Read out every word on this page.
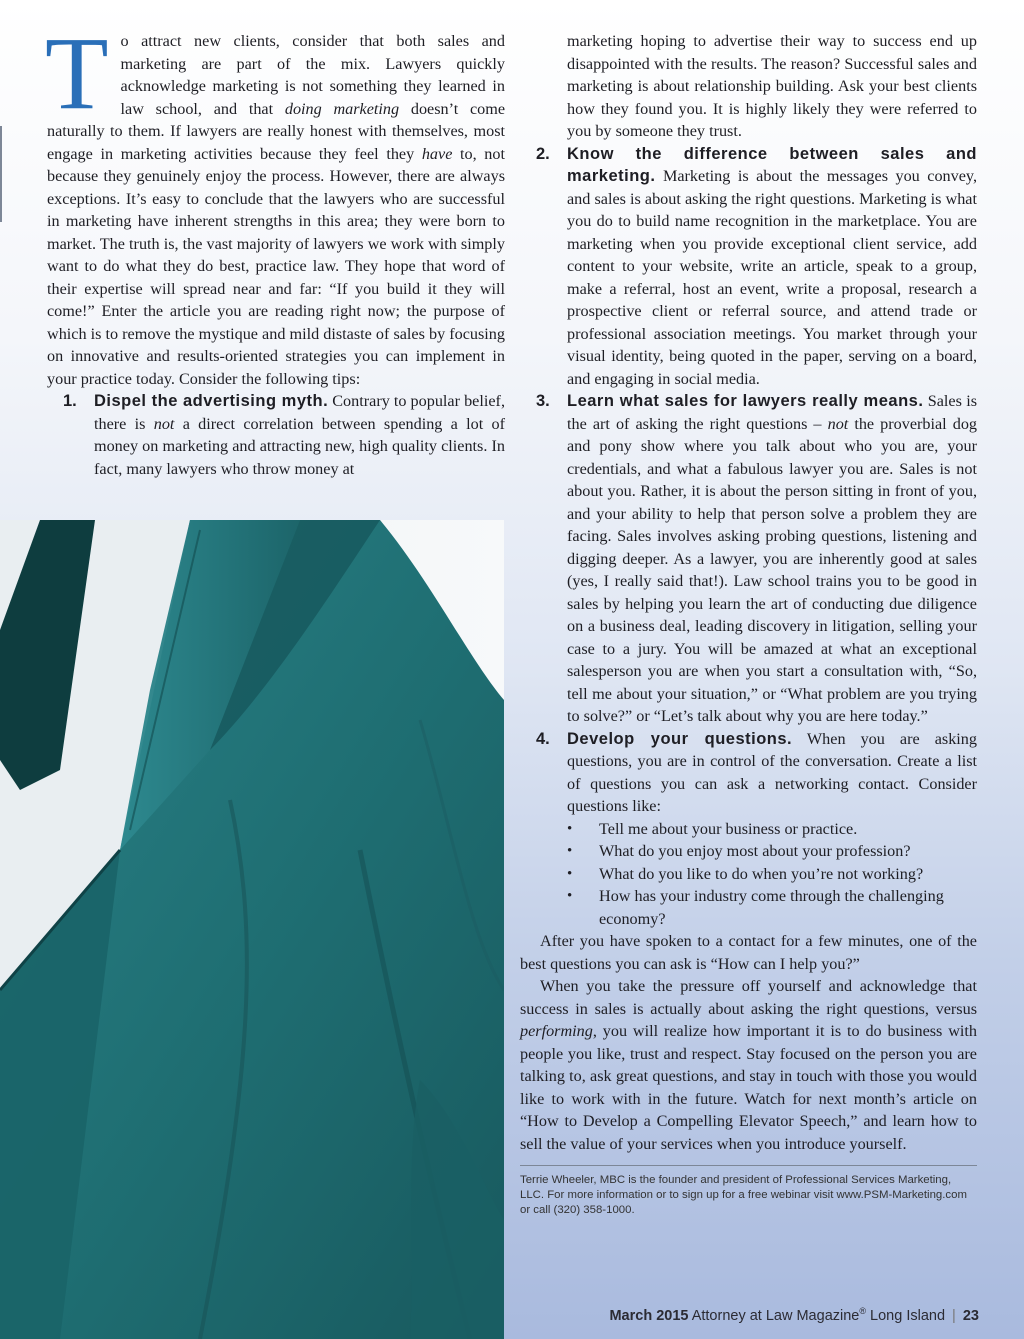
To attract new clients, consider that both sales and marketing are part of the mix. Lawyers quickly acknowledge marketing is not something they learned in law school, and that doing marketing doesn’t come naturally to them. If lawyers are really honest with themselves, most engage in marketing activities because they feel they have to, not because they genuinely enjoy the process. However, there are always exceptions. It’s easy to conclude that the lawyers who are successful in marketing have inherent strengths in this area; they were born to market. The truth is, the vast majority of lawyers we work with simply want to do what they do best, practice law. They hope that word of their expertise will spread near and far: “If you build it they will come!” Enter the article you are reading right now; the purpose of which is to remove the mystique and mild distaste of sales by focusing on innovative and results-oriented strategies you can implement in your practice today. Consider the following tips:

1. Dispel the advertising myth. Contrary to popular belief, there is not a direct correlation between spending a lot of money on marketing and attracting new, high quality clients. In fact, many lawyers who throw money at

marketing hoping to advertise their way to success end up disappointed with the results. The reason? Successful sales and marketing is about relationship building. Ask your best clients how they found you. It is highly likely they were referred to you by someone they trust.

2. Know the difference between sales and marketing. Marketing is about the messages you convey, and sales is about asking the right questions. Marketing is what you do to build name recognition in the marketplace. You are marketing when you provide exceptional client service, add content to your website, write an article, speak to a group, make a referral, host an event, write a proposal, research a prospective client or referral source, and attend trade or professional association meetings. You market through your visual identity, being quoted in the paper, serving on a board, and engaging in social media.

3. Learn what sales for lawyers really means. Sales is the art of asking the right questions – not the proverbial dog and pony show where you talk about who you are, your credentials, and what a fabulous lawyer you are. Sales is not about you. Rather, it is about the person sitting in front of you, and your ability to help that person solve a problem they are facing. Sales involves asking probing questions, listening and digging deeper. As a lawyer, you are inherently good at sales (yes, I really said that!). Law school trains you to be good in sales by helping you learn the art of conducting due diligence on a business deal, leading discovery in litigation, selling your case to a jury. You will be amazed at what an exceptional salesperson you are when you start a consultation with, “So, tell me about your situation,” or “What problem are you trying to solve?” or “Let’s talk about why you are here today.”

4. Develop your questions. When you are asking questions, you are in control of the conversation. Create a list of questions you can ask a networking contact. Consider questions like:

• Tell me about your business or practice.
• What do you enjoy most about your profession?
• What do you like to do when you’re not working?
• How has your industry come through the challenging economy?

After you have spoken to a contact for a few minutes, one of the best questions you can ask is “How can I help you?”

When you take the pressure off yourself and acknowledge that success in sales is actually about asking the right questions, versus performing, you will realize how important it is to do business with people you like, trust and respect. Stay focused on the person you are talking to, ask great questions, and stay in touch with those you would like to work with in the future. Watch for next month’s article on “How to Develop a Compelling Elevator Speech,” and learn how to sell the value of your services when you introduce yourself.

Terrie Wheeler, MBC is the founder and president of Professional Services Marketing, LLC. For more information or to sign up for a free webinar visit www.PSM-Marketing.com or call (320) 358-1000.

March 2015 Attorney at Law Magazine® Long Island | 23
